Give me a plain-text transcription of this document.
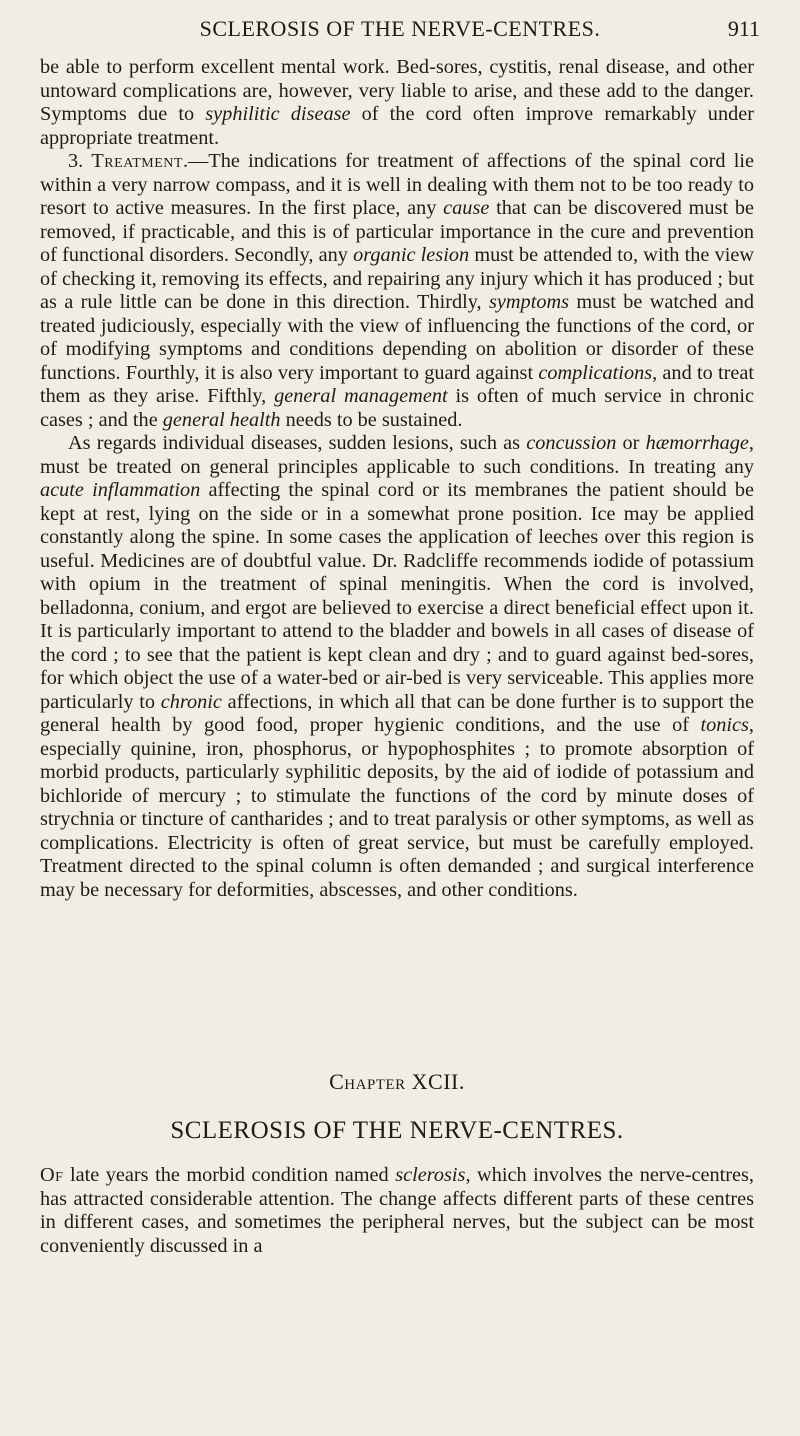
SCLEROSIS OF THE NERVE-CENTRES.	911

be able to perform excellent mental work. Bed-sores, cystitis, renal disease, and other untoward complications are, however, very liable to arise, and these add to the danger. Symptoms due to syphilitic disease of the cord often improve remarkably under appropriate treatment.

3. Treatment.—The indications for treatment of affections of the spinal cord lie within a very narrow compass, and it is well in dealing with them not to be too ready to resort to active measures. In the first place, any cause that can be discovered must be removed, if practicable, and this is of particular importance in the cure and prevention of functional disorders. Secondly, any organic lesion must be attended to, with the view of checking it, removing its effects, and repairing any injury which it has produced ; but as a rule little can be done in this direction. Thirdly, symptoms must be watched and treated judiciously, especially with the view of influencing the functions of the cord, or of modifying symptoms and conditions depending on abolition or disorder of these functions. Fourthly, it is also very important to guard against complications, and to treat them as they arise. Fifthly, general management is often of much service in chronic cases ; and the general health needs to be sustained.

As regards individual diseases, sudden lesions, such as concussion or hæmorrhage, must be treated on general principles applicable to such conditions. In treating any acute inflammation affecting the spinal cord or its membranes the patient should be kept at rest, lying on the side or in a somewhat prone position. Ice may be applied constantly along the spine. In some cases the application of leeches over this region is useful. Medicines are of doubtful value. Dr. Radcliffe recommends iodide of potassium with opium in the treatment of spinal meningitis. When the cord is involved, belladonna, conium, and ergot are believed to exercise a direct beneficial effect upon it. It is particularly important to attend to the bladder and bowels in all cases of disease of the cord ; to see that the patient is kept clean and dry ; and to guard against bed-sores, for which object the use of a water-bed or air-bed is very serviceable. This applies more particularly to chronic affections, in which all that can be done further is to support the general health by good food, proper hygienic conditions, and the use of tonics, especially quinine, iron, phosphorus, or hypophosphites ; to promote absorption of morbid products, particularly syphilitic deposits, by the aid of iodide of potassium and bichloride of mercury ; to stimulate the functions of the cord by minute doses of strychnia or tincture of cantharides ; and to treat paralysis or other symptoms, as well as complications. Electricity is often of great service, but must be carefully employed. Treatment directed to the spinal column is often demanded ; and surgical interference may be necessary for deformities, abscesses, and other conditions.

Chapter XCII.
SCLEROSIS OF THE NERVE-CENTRES.

Of late years the morbid condition named sclerosis, which involves the nerve-centres, has attracted considerable attention. The change affects different parts of these centres in different cases, and sometimes the peripheral nerves, but the subject can be most conveniently discussed in a
